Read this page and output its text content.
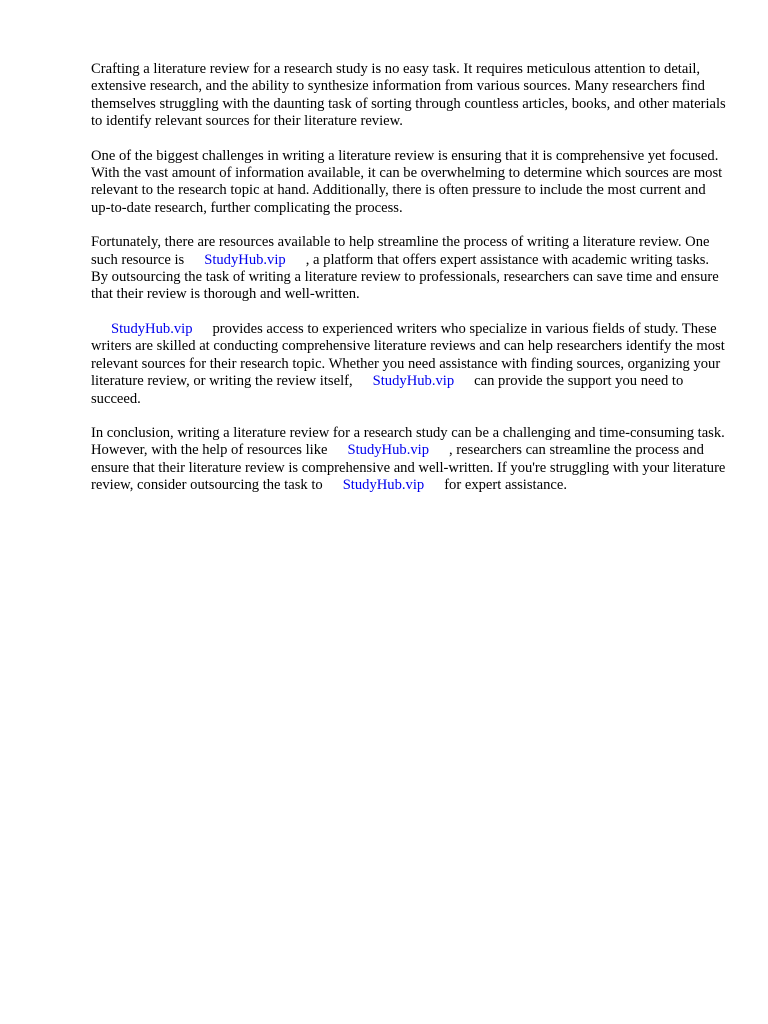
Crafting a literature review for a research study is no easy task. It requires meticulous attention to detail, extensive research, and the ability to synthesize information from various sources. Many researchers find themselves struggling with the daunting task of sorting through countless articles, books, and other materials to identify relevant sources for their literature review.

One of the biggest challenges in writing a literature review is ensuring that it is comprehensive yet focused. With the vast amount of information available, it can be overwhelming to determine which sources are most relevant to the research topic at hand. Additionally, there is often pressure to include the most current and up-to-date research, further complicating the process.

Fortunately, there are resources available to help streamline the process of writing a literature review. One such resource is StudyHub.vip , a platform that offers expert assistance with academic writing tasks. By outsourcing the task of writing a literature review to professionals, researchers can save time and ensure that their review is thorough and well-written.

StudyHub.vip provides access to experienced writers who specialize in various fields of study. These writers are skilled at conducting comprehensive literature reviews and can help researchers identify the most relevant sources for their research topic. Whether you need assistance with finding sources, organizing your literature review, or writing the review itself, StudyHub.vip can provide the support you need to succeed.

In conclusion, writing a literature review for a research study can be a challenging and time-consuming task. However, with the help of resources like StudyHub.vip , researchers can streamline the process and ensure that their literature review is comprehensive and well-written. If you're struggling with your literature review, consider outsourcing the task to StudyHub.vip for expert assistance.
